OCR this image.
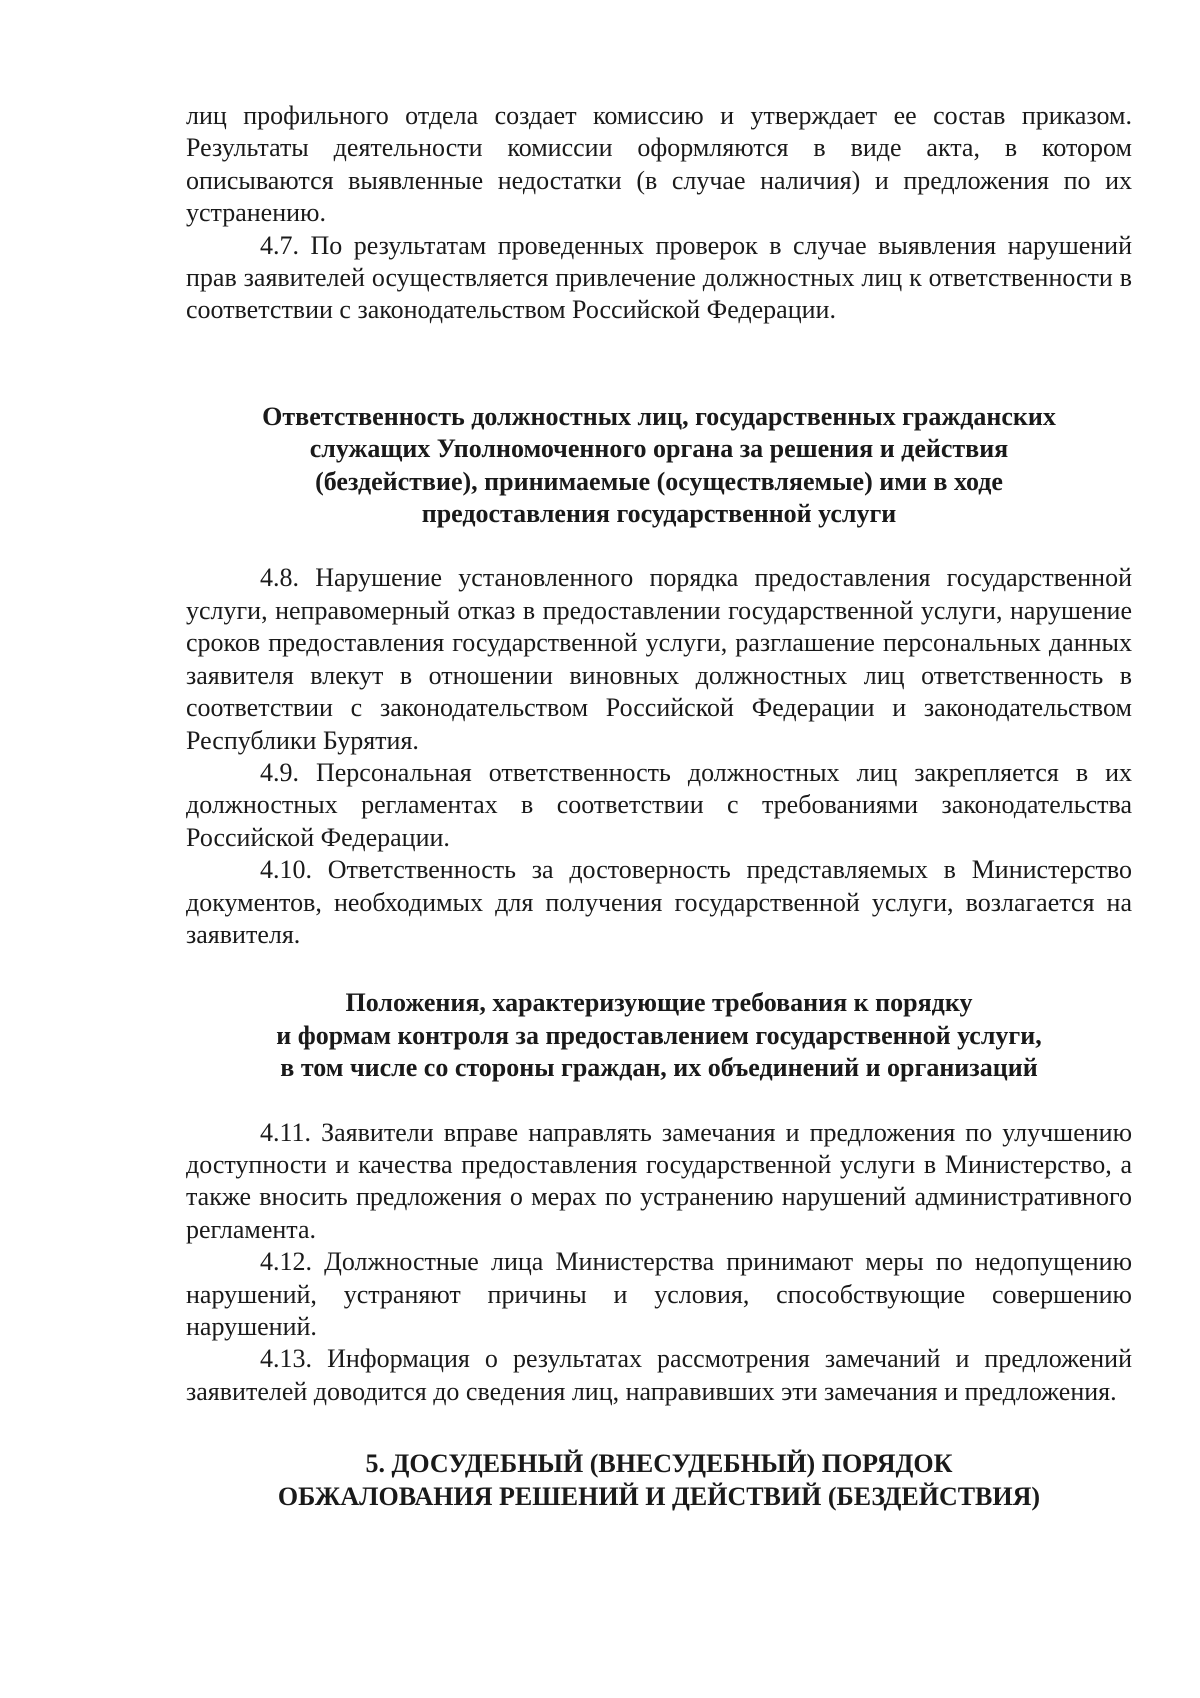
лиц профильного отдела создает комиссию и утверждает ее состав приказом. Результаты деятельности комиссии оформляются в виде акта, в котором описываются выявленные недостатки (в случае наличия) и предложения по их устранению.

4.7. По результатам проведенных проверок в случае выявления нарушений прав заявителей осуществляется привлечение должностных лиц к ответственности в соответствии с законодательством Российской Федерации.

Ответственность должностных лиц, государственных гражданских
служащих Уполномоченного органа за решения и действия
(бездействие), принимаемые (осуществляемые) ими в ходе
предоставления государственной услуги

4.8. Нарушение установленного порядка предоставления государственной услуги, неправомерный отказ в предоставлении государственной услуги, нарушение сроков предоставления государственной услуги, разглашение персональных данных заявителя влекут в отношении виновных должностных лиц ответственность в соответствии с законодательством Российской Федерации и законодательством Республики Бурятия.

4.9. Персональная ответственность должностных лиц закрепляется в их должностных регламентах в соответствии с требованиями законодательства Российской Федерации.

4.10. Ответственность за достоверность представляемых в Министерство документов, необходимых для получения государственной услуги, возлагается на заявителя.

Положения, характеризующие требования к порядку
и формам контроля за предоставлением государственной услуги,
в том числе со стороны граждан, их объединений и организаций

4.11. Заявители вправе направлять замечания и предложения по улучшению доступности и качества предоставления государственной услуги в Министерство, а также вносить предложения о мерах по устранению нарушений административного регламента.

4.12. Должностные лица Министерства принимают меры по недопущению нарушений, устраняют причины и условия, способствующие совершению нарушений.

4.13. Информация о результатах рассмотрения замечаний и предложений заявителей доводится до сведения лиц, направивших эти замечания и предложения.

5. ДОСУДЕБНЫЙ (ВНЕСУДЕБНЫЙ) ПОРЯДОК
ОБЖАЛОВАНИЯ РЕШЕНИЙ И ДЕЙСТВИЙ (БЕЗДЕЙСТВИЯ)
